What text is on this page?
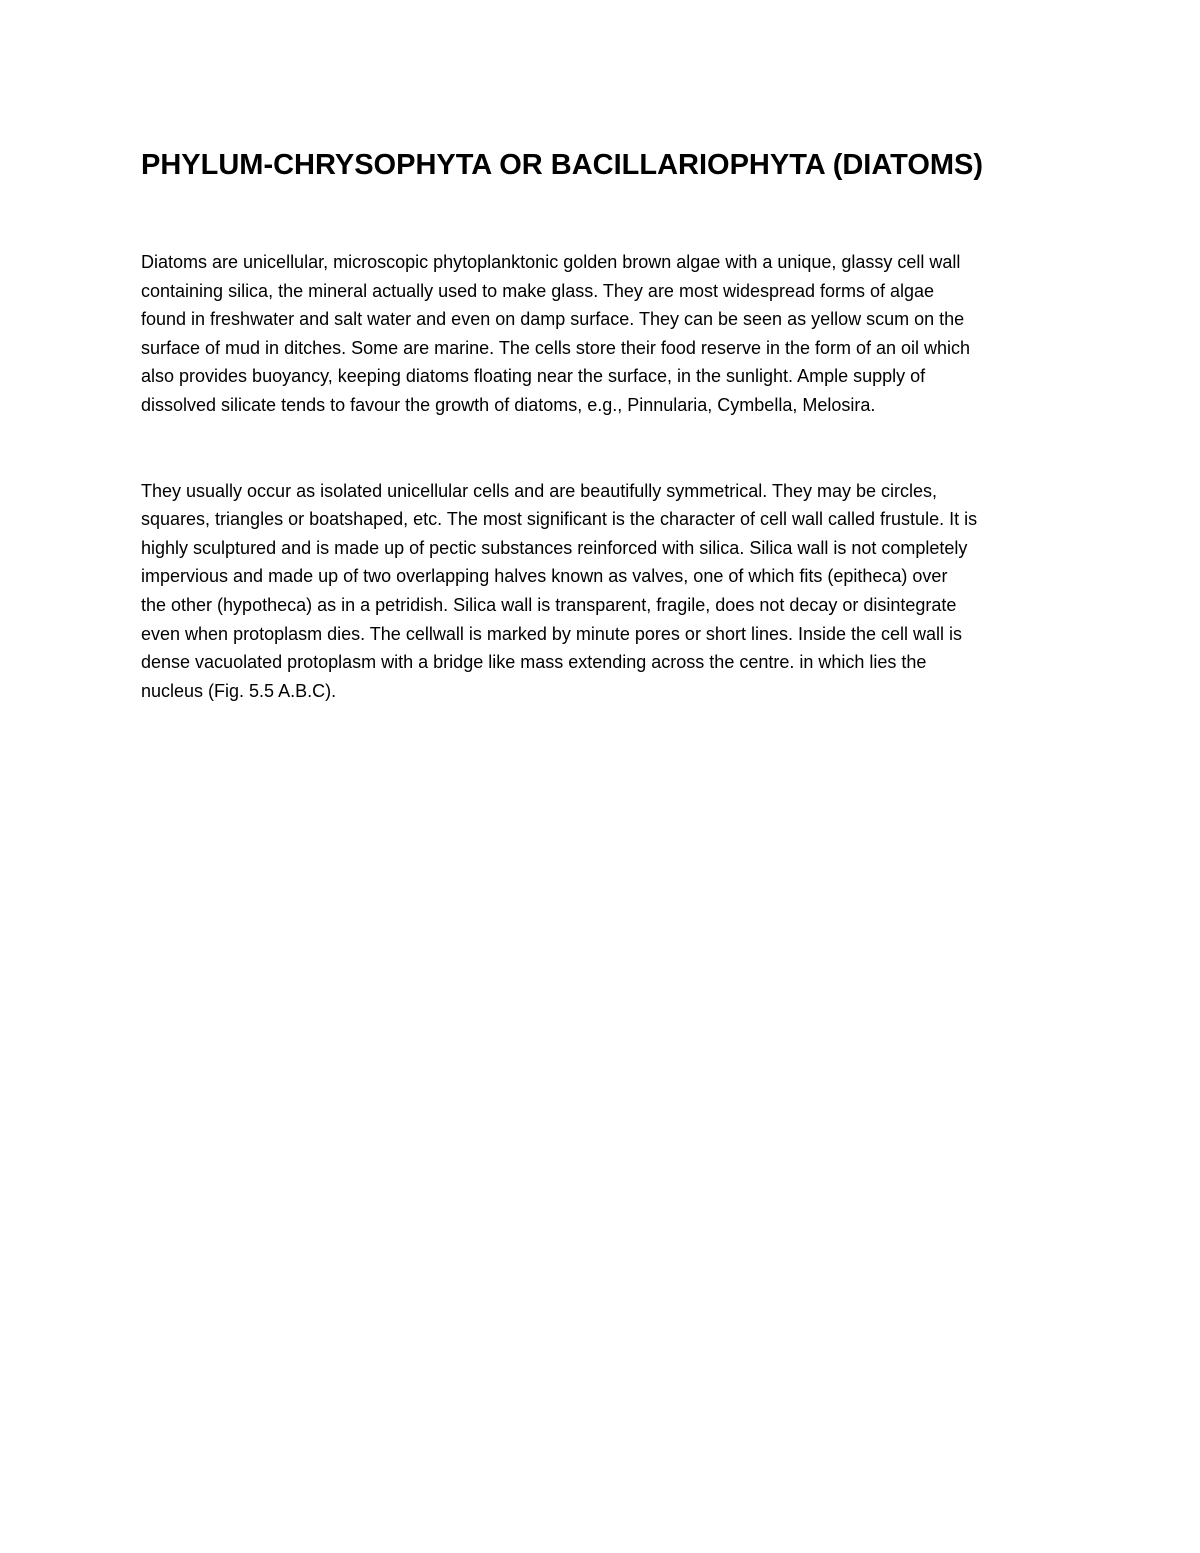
PHYLUM-CHRYSOPHYTA OR BACILLARIOPHYTA (DIATOMS)

Diatoms are unicellular, microscopic phytoplanktonic golden brown algae with a unique, glassy cell wall
containing silica, the mineral actually used to make glass. They are most widespread forms of algae
found in freshwater and salt water and even on damp surface. They can be seen as yellow scum on the
surface of mud in ditches. Some are marine. The cells store their food reserve in the form of an oil which
also provides buoyancy, keeping diatoms floating near the surface, in the sunlight. Ample supply of
dissolved silicate tends to favour the growth of diatoms, e.g., Pinnularia, Cymbella, Melosira.

They usually occur as isolated unicellular cells and are beautifully symmetrical. They may be circles,
squares, triangles or boatshaped, etc. The most significant is the character of cell wall called frustule. It is
highly sculptured and is made up of pectic substances reinforced with silica. Silica wall is not completely
impervious and made up of two overlapping halves known as valves, one of which fits (epitheca) over
the other (hypotheca) as in a petridish. Silica wall is transparent, fragile, does not decay or disintegrate
even when protoplasm dies. The cellwall is marked by minute pores or short lines. Inside the cell wall is
dense vacuolated protoplasm with a bridge like mass extending across the centre. in which lies the
nucleus (Fig. 5.5 A.B.C).
